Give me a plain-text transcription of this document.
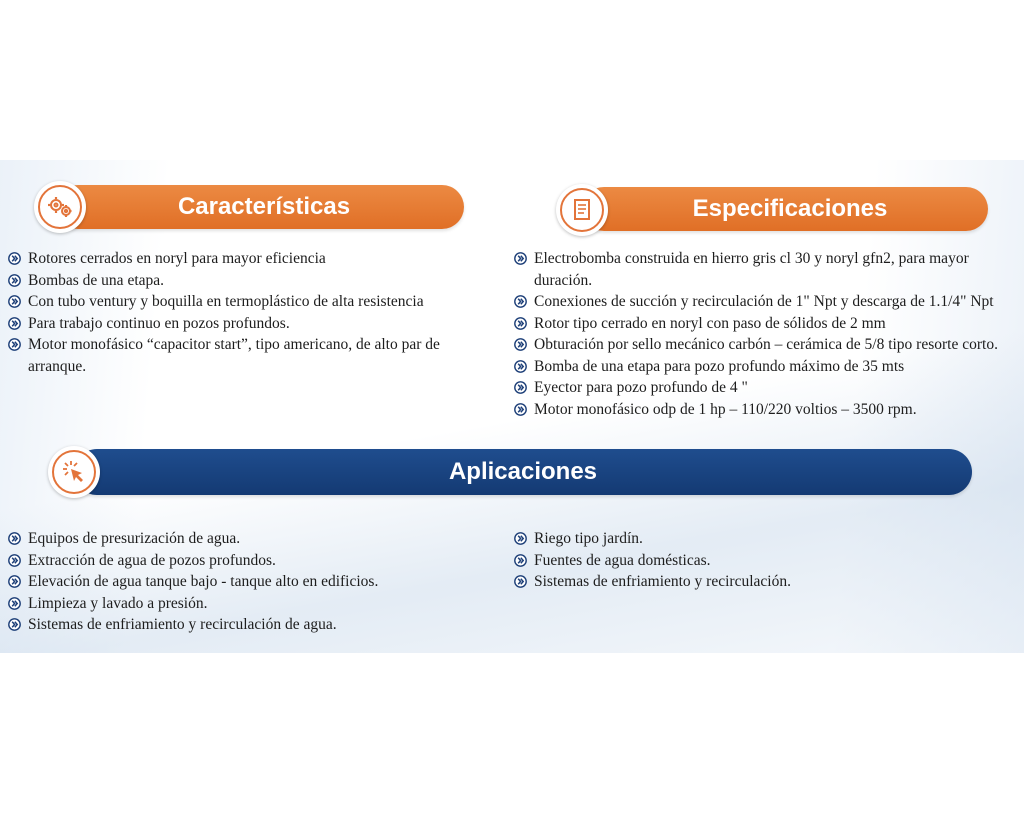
Características
Rotores cerrados en noryl para mayor eficiencia
Bombas de una etapa.
Con tubo ventury y boquilla en termoplástico de alta resistencia
Para trabajo continuo en pozos profundos.
Motor monofásico “capacitor start”, tipo americano, de alto par de arranque.
Especificaciones
Electrobomba construida en hierro gris cl 30 y noryl gfn2, para mayor duración.
Conexiones de succión y recirculación de 1" Npt y descarga de 1.1/4" Npt
Rotor tipo cerrado en noryl con paso de sólidos de 2 mm
Obturación por sello mecánico carbón – cerámica de 5/8 tipo resorte corto.
Bomba de una etapa para pozo profundo máximo de 35 mts
Eyector para pozo profundo de 4 "
Motor monofásico odp de 1 hp – 110/220 voltios – 3500 rpm.
Aplicaciones
Equipos de presurización de agua.
Extracción de agua de pozos profundos.
Elevación de agua tanque bajo - tanque alto en edificios.
Limpieza y lavado a presión.
Sistemas de enfriamiento y recirculación de agua.
Riego tipo jardín.
Fuentes de agua domésticas.
Sistemas de enfriamiento y recirculación.
